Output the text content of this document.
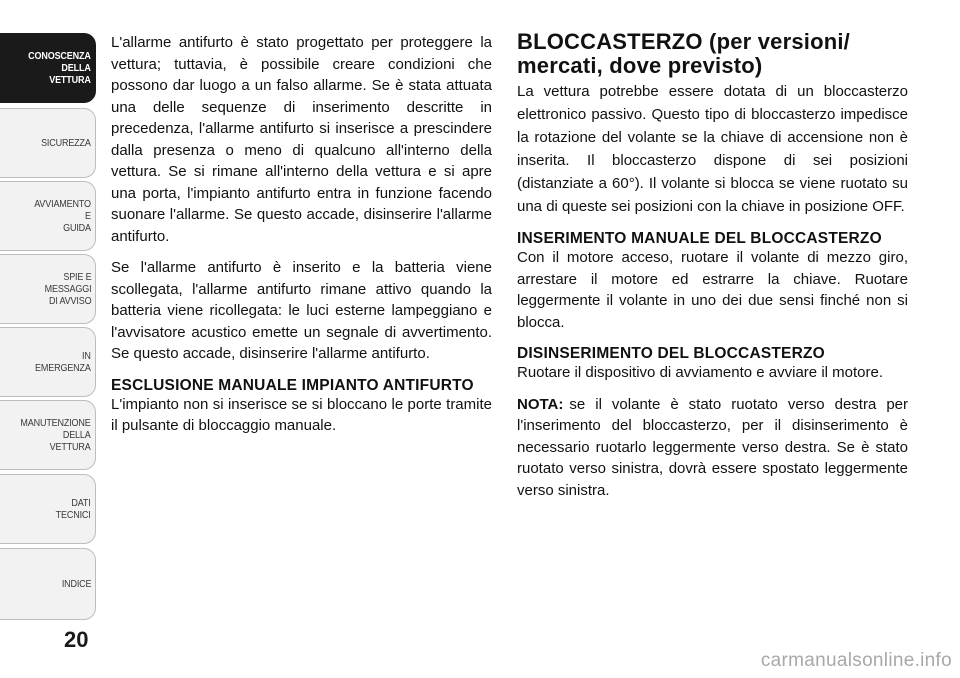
CONOSCENZA
DELLA
VETTURA
SICUREZZA
AVVIAMENTO
E
GUIDA
SPIE E
MESSAGGI
DI AVVISO
IN
EMERGENZA
MANUTENZIONE
DELLA
VETTURA
DATI
TECNICI
INDICE
20

L'allarme antifurto è stato progettato per proteggere la vettura; tuttavia, è possibile creare condizioni che possono dar luogo a un falso allarme. Se è stata attuata una delle sequenze di inserimento descritte in precedenza, l'allarme antifurto si inserisce a prescindere dalla presenza o meno di qualcuno all'interno della vettura. Se si rimane all'interno della vettura e si apre una porta, l'impianto antifurto entra in funzione facendo suonare l'allarme. Se questo accade, disinserire l'allarme antifurto.

Se l'allarme antifurto è inserito e la batteria viene scollegata, l'allarme antifurto rimane attivo quando la batteria viene ricollegata: le luci esterne lampeggiano e l'avvisatore acustico emette un segnale di avvertimento. Se questo accade, disinserire l'allarme antifurto.

ESCLUSIONE MANUALE IMPIANTO ANTIFURTO

L'impianto non si inserisce se si bloccano le porte tramite il pulsante di bloccaggio manuale.

BLOCCASTERZO (per versioni/ mercati, dove previsto)

La vettura potrebbe essere dotata di un bloccasterzo elettronico passivo. Questo tipo di bloccasterzo impedisce la rotazione del volante se la chiave di accensione non è inserita. Il bloccasterzo dispone di sei posizioni (distanziate a 60°). Il volante si blocca se viene ruotato su una di queste sei posizioni con la chiave in posizione OFF.

INSERIMENTO MANUALE DEL BLOCCASTERZO

Con il motore acceso, ruotare il volante di mezzo giro, arrestare il motore ed estrarre la chiave. Ruotare leggermente il volante in uno dei due sensi finché non si blocca.

DISINSERIMENTO DEL BLOCCASTERZO

Ruotare il dispositivo di avviamento e avviare il motore.

NOTA: se il volante è stato ruotato verso destra per l'inserimento del bloccasterzo, per il disinserimento è necessario ruotarlo leggermente verso destra. Se è stato ruotato verso sinistra, dovrà essere spostato leggermente verso sinistra.

carmanualsonline.info
